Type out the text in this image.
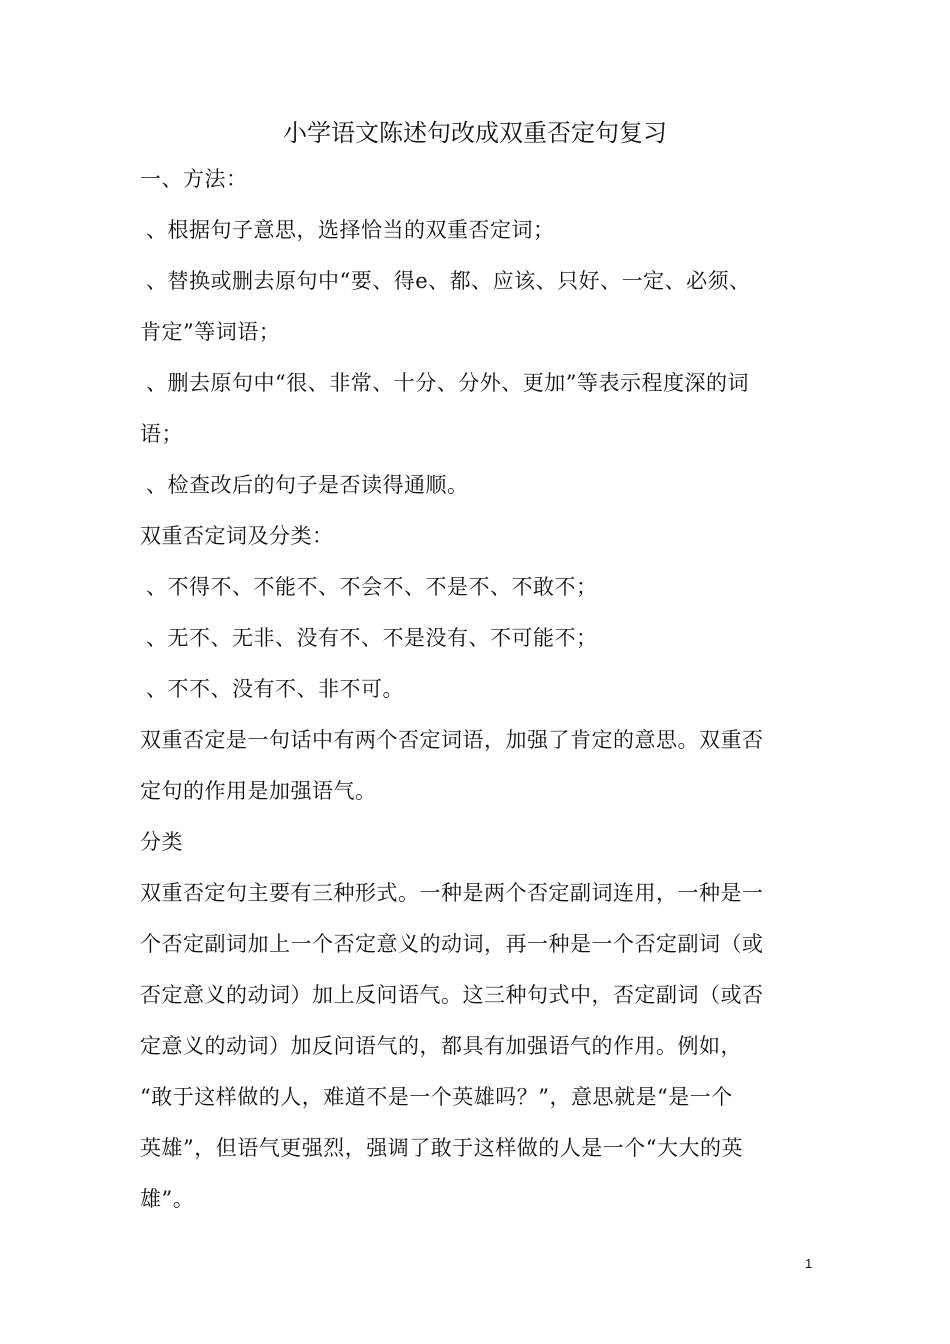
小学语文陈述句改成双重否定句复习
一、方法：
、根据句子意思，选择恰当的双重否定词；
、替换或删去原句中“要、得e、都、应该、只好、一定、必须、
肯定”等词语；
、删去原句中“很、非常、十分、分外、更加”等表示程度深的词
语；
、检查改后的句子是否读得通顺。
双重否定词及分类：
、不得不、不能不、不会不、不是不、不敢不；
、无不、无非、没有不、不是没有、不可能不；
、不不、没有不、非不可。
双重否定是一句话中有两个否定词语，加强了肯定的意思。双重否
定句的作用是加强语气。
分类
双重否定句主要有三种形式。一种是两个否定副词连用，一种是一
个否定副词加上一个否定意义的动词，再一种是一个否定副词（或
否定意义的动词）加上反问语气。这三种句式中，否定副词（或否
定意义的动词）加反问语气的，都具有加强语气的作用。例如，
“敢于这样做的人，难道不是一个英雄吗？”，意思就是“是一个
英雄”，但语气更强烈，强调了敢于这样做的人是一个“大大的英
雄”。
1
